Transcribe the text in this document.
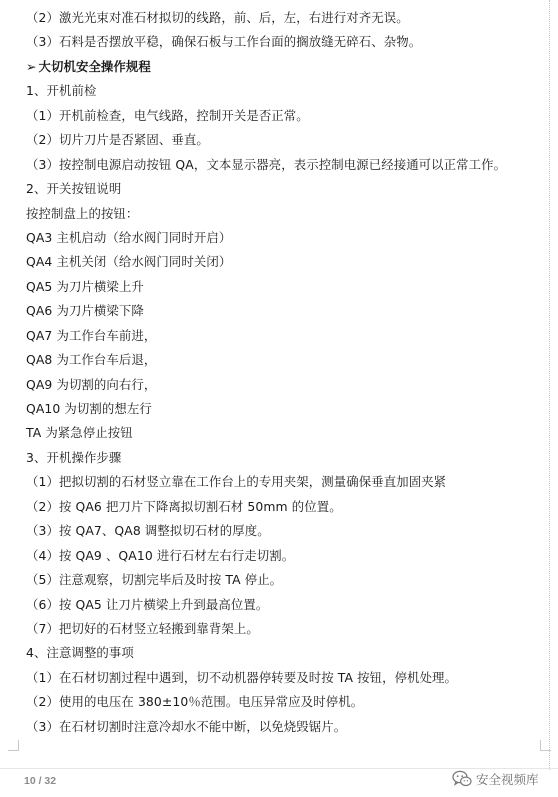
（2）激光光束对准石材拟切的线路，前、后，左，右进行对齐无误。
（3）石料是否摆放平稳，确保石板与工作台面的搁放缝无碎石、杂物。
➢ 大切机安全操作规程
1、开机前检
（1）开机前检查，电气线路，控制开关是否正常。
（2）切片刀片是否紧固、垂直。
（3）按控制电源启动按钮 QA，文本显示器亮，表示控制电源已经接通可以正常工作。
2、开关按钮说明
按控制盘上的按钮：
QA3 主机启动（给水阀门同时开启）
QA4 主机关闭（给水阀门同时关闭）
QA5 为刀片横梁上升
QA6 为刀片横梁下降
QA7 为工作台车前进，
QA8 为工作台车后退，
QA9 为切割的向右行，
QA10 为切割的想左行
TA 为紧急停止按钮
3、开机操作步骤
（1）把拟切割的石材竖立靠在工作台上的专用夹架，测量确保垂直加固夹紧
（2）按 QA6 把刀片下降离拟切割石材 50mm 的位置。
（3）按 QA7、QA8 调整拟切石材的厚度。
（4）按 QA9 、QA10 进行石材左右行走切割。
（5）注意观察，切割完毕后及时按 TA 停止。
（6）按 QA5 让刀片横梁上升到最高位置。
（7）把切好的石材竖立轻搬到靠背架上。
4、注意调整的事项
（1）在石材切割过程中遇到，切不动机器停转要及时按 TA 按钮，停机处理。
（2）使用的电压在 380±10％范围。电压异常应及时停机。
（3）在石材切割时注意冷却水不能中断，以免烧毁锯片。
10 / 32	安全视频库
